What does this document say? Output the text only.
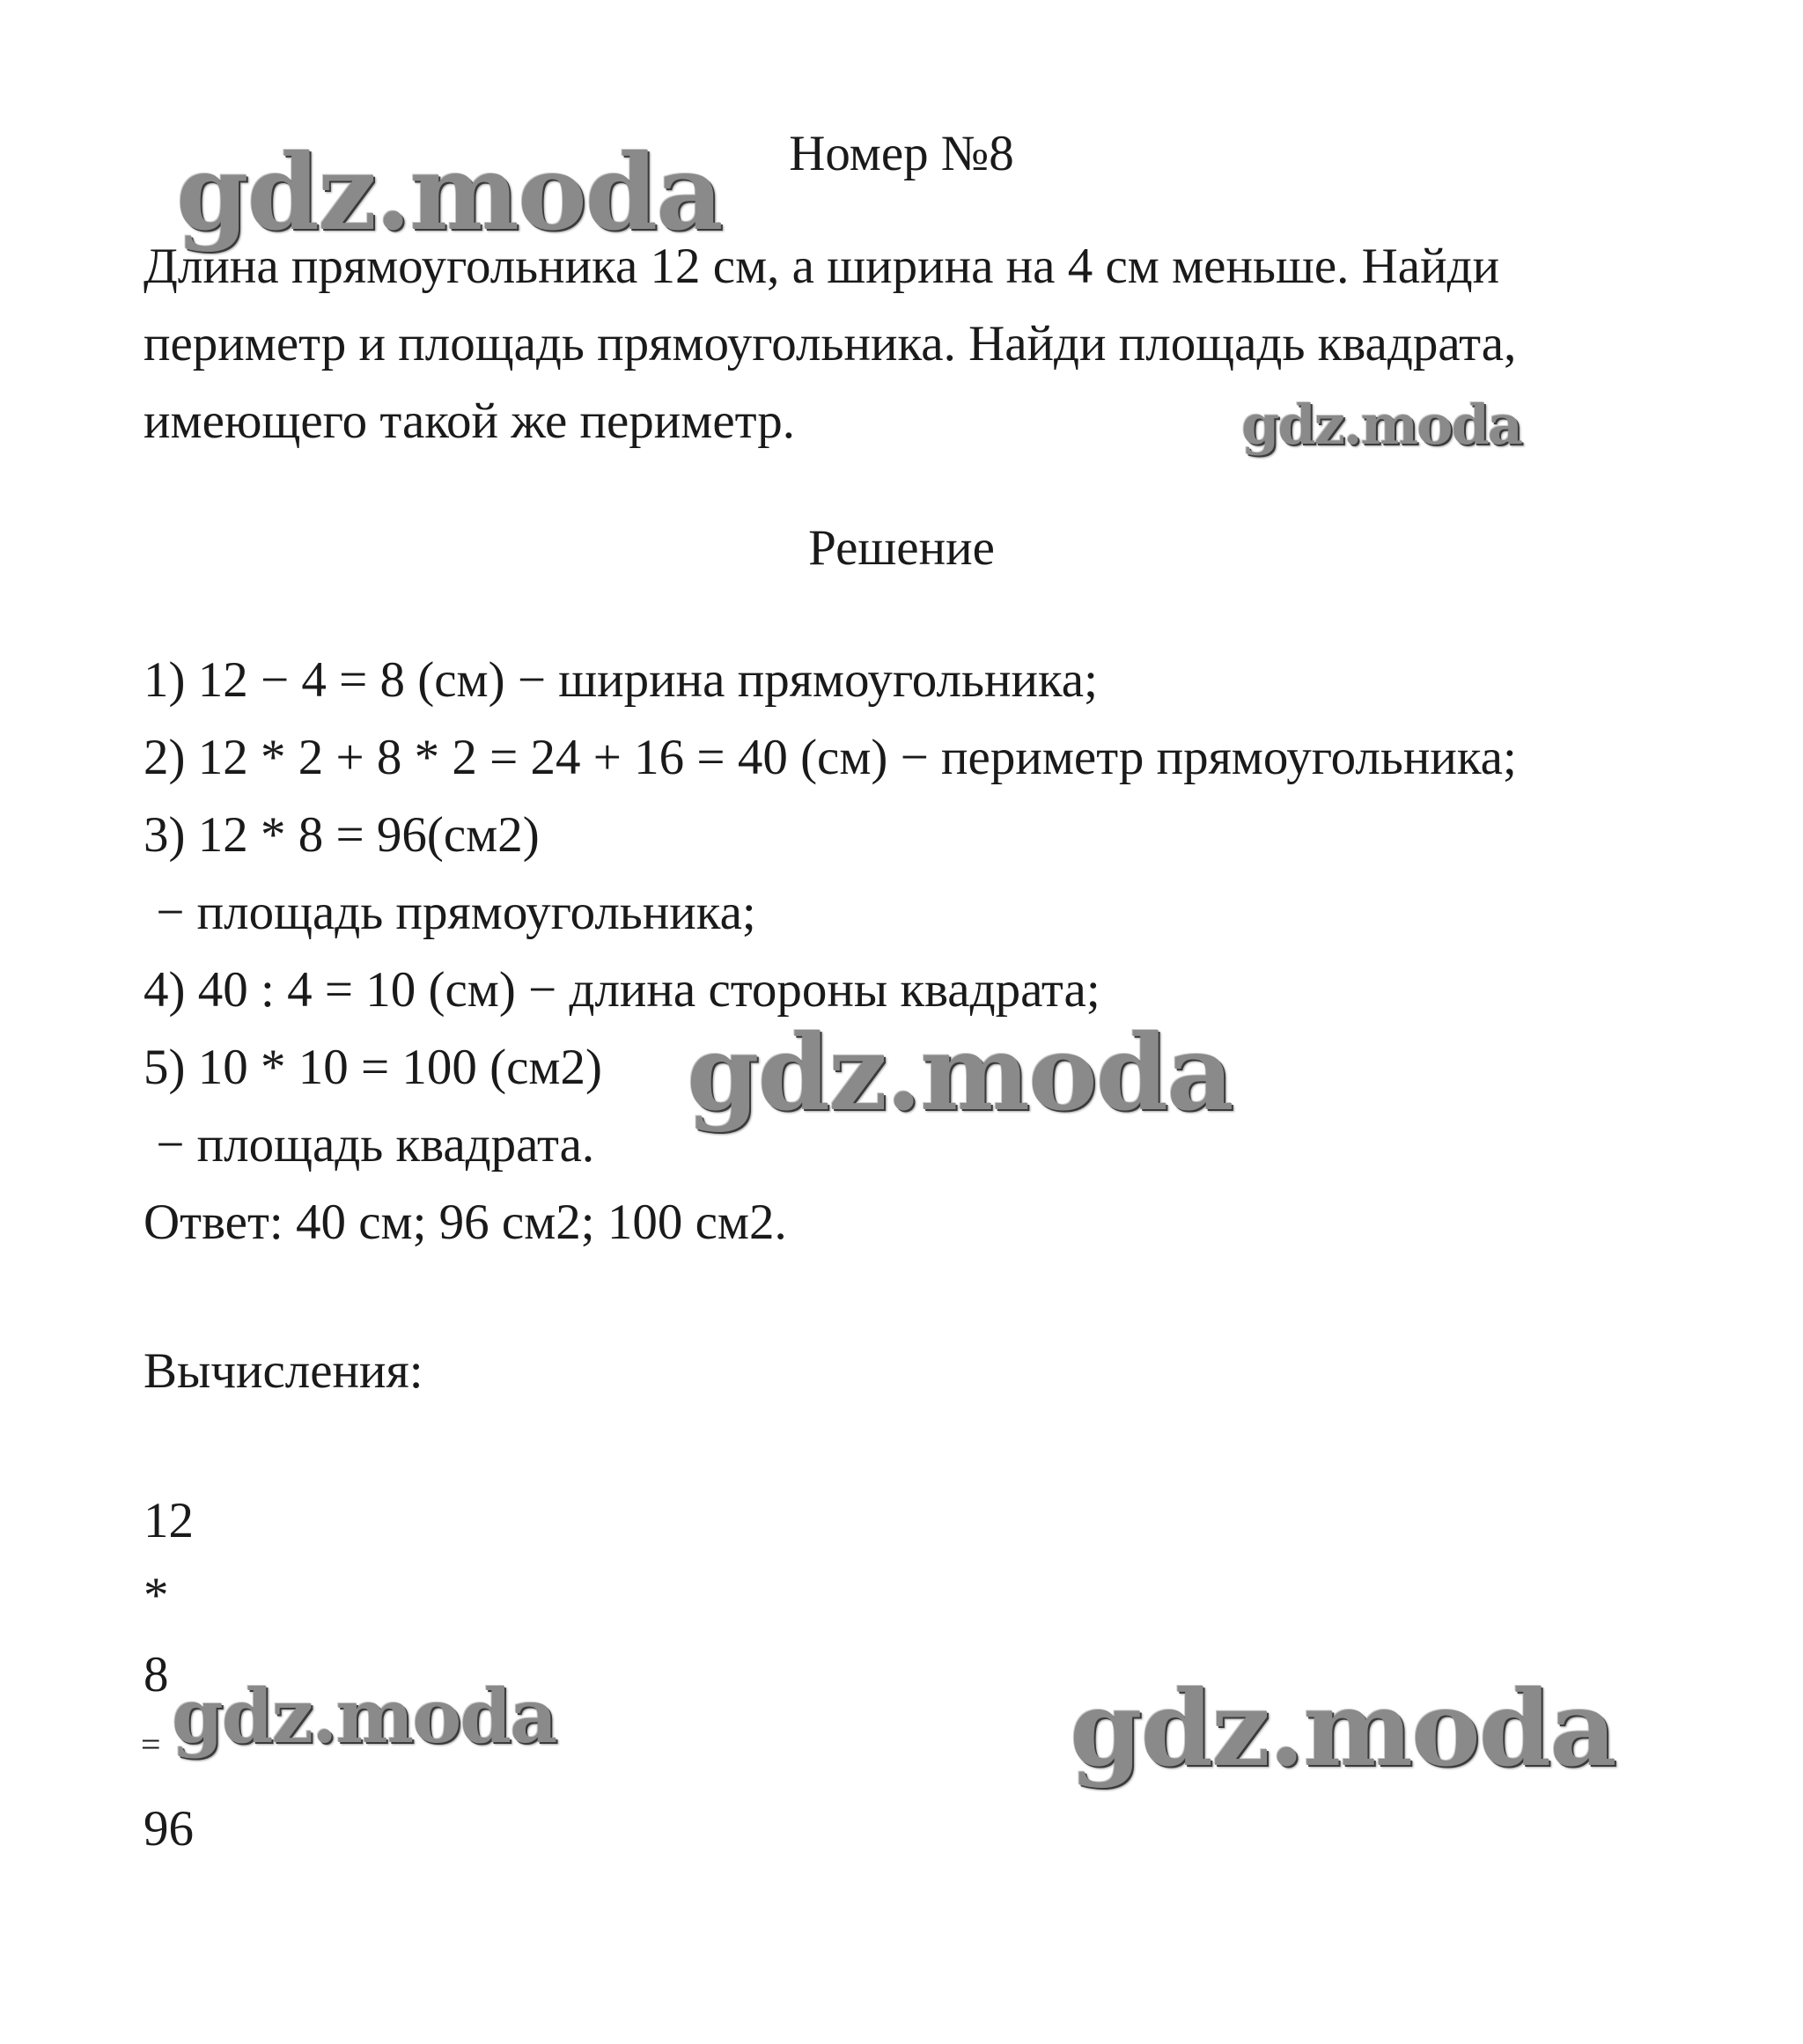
Номер №8
Длина прямоугольника 12 см, а ширина на 4 см меньше. Найди
периметр и площадь прямоугольника. Найди площадь квадрата,
имеющего такой же периметр.
Решение
1) 12 − 4 = 8 (см) − ширина прямоугольника;
2) 12 * 2 + 8 * 2 = 24 + 16 = 40 (см) − периметр прямоугольника;
3) 12 * 8 = 96(см2)
− площадь прямоугольника;
4) 40 : 4 = 10 (см) − длина стороны квадрата;
5) 10 * 10 = 100 (см2)
− площадь квадрата.
Ответ: 40 см; 96 см2; 100 см2.
Вычисления:
12
*
8
=
96
gdz.moda
gdz.moda
gdz.moda
gdz.moda	gdz.moda
